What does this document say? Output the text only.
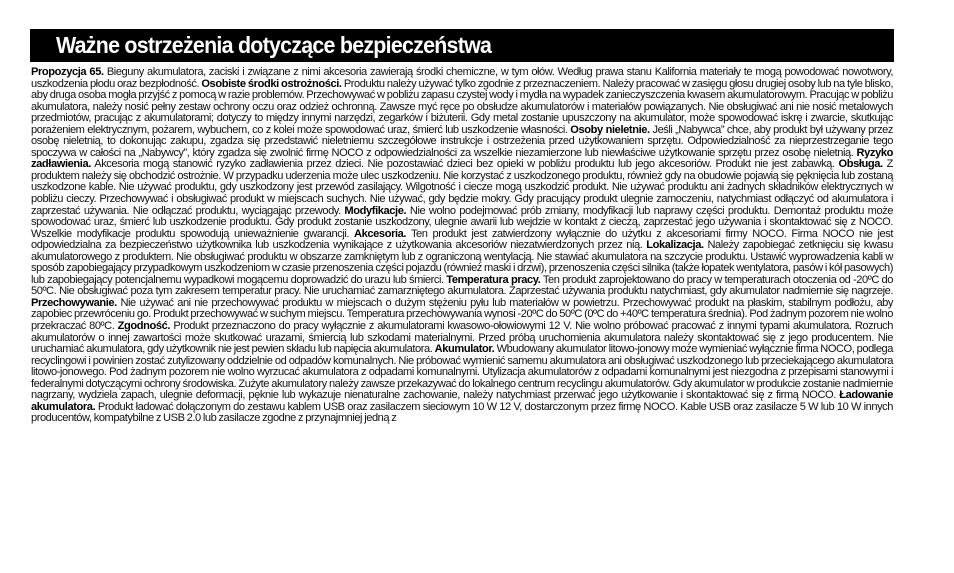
Ważne ostrzeżenia dotyczące bezpieczeństwa

Propozycja 65. Bieguny akumulatora, zaciski i związane z nimi akcesoria zawierają środki chemiczne, w tym ołów. Według prawa stanu Kalifornia materiały te mogą powodować nowotwory, uszkodzenia płodu oraz bezpłodność. Osobiste środki ostrożności. Produktu należy używać tylko zgodnie z przeznaczeniem. Należy pracować w zasięgu głosu drugiej osoby lub na tyle blisko, aby druga osoba mogła przyjść z pomocą w razie problemów. Przechowywać w pobliżu zapasu czystej wody i mydła na wypadek zanieczyszczenia kwasem akumulatorowym. Pracując w pobliżu akumulatora, należy nosić pełny zestaw ochrony oczu oraz odzież ochronną. Zawsze myć ręce po obsłudze akumulatorów i materiałów powiązanych. Nie obsługiwać ani nie nosić metalowych przedmiotów, pracując z akumulatorami; dotyczy to między innymi narzędzi, zegarków i biżuterii. Gdy metal zostanie upuszczony na akumulator, może spowodować iskrę i zwarcie, skutkując porażeniem elektrycznym, pożarem, wybuchem, co z kolei może spowodować uraz, śmierć lub uszkodzenie własności. Osoby nieletnie. Jeśli „Nabywca” chce, aby produkt był używany przez osobę nieletnią, to dokonując zakupu, zgadza się przedstawić nieletniemu szczegółowe instrukcje i ostrzeżenia przed użytkowaniem sprzętu. Odpowiedzialność za nieprzestrzeganie tego spoczywa w całości na „Nabywcy”, który zgadza się zwolnić firmę NOCO z odpowiedzialności za wszelkie niezamierzone lub niewłaściwe użytkowanie sprzętu przez osobę nieletnią. Ryzyko zadławienia. Akcesoria mogą stanowić ryzyko zadławienia przez dzieci. Nie pozostawiać dzieci bez opieki w pobliżu produktu lub jego akcesoriów. Produkt nie jest zabawką. Obsługa. Z produktem należy się obchodzić ostrożnie. W przypadku uderzenia może ulec uszkodzeniu. Nie korzystać z uszkodzonego produktu, również gdy na obudowie pojawią się pęknięcia lub zostaną uszkodzone kable. Nie używać produktu, gdy uszkodzony jest przewód zasilający. Wilgotność i ciecze mogą uszkodzić produkt. Nie używać produktu ani żadnych składników elektrycznych w pobliżu cieczy. Przechowywać i obsługiwać produkt w miejscach suchych. Nie używać, gdy będzie mokry. Gdy pracujący produkt ulegnie zamoczeniu, natychmiast odłączyć od akumulatora i zaprzestać używania. Nie odłączać produktu, wyciągając przewody. Modyfikacje. Nie wolno podejmować prób zmiany, modyfikacji lub naprawy części produktu. Demontaż produktu może spowodować uraz, śmierć lub uszkodzenie produktu. Gdy produkt zostanie uszkodzony, ulegnie awarii lub wejdzie w kontakt z cieczą, zaprzestać jego używania i skontaktować się z NOCO. Wszelkie modyfikacje produktu spowodują unieważnienie gwarancji. Akcesoria. Ten produkt jest zatwierdzony wyłącznie do użytku z akcesoriami firmy NOCO. Firma NOCO nie jest odpowiedzialna za bezpieczeństwo użytkownika lub uszkodzenia wynikające z użytkowania akcesoriów niezatwierdzonych przez nią. Lokalizacja. Należy zapobiegać zetknięciu się kwasu akumulatorowego z produktem. Nie obsługiwać produktu w obszarze zamkniętym lub z ograniczoną wentylacją. Nie stawiać akumulatora na szczycie produktu. Ustawić wyprowadzenia kabli w sposób zapobiegający przypadkowym uszkodzeniom w czasie przenoszenia części pojazdu (również maski i drzwi), przenoszenia części silnika (także łopatek wentylatora, pasów i kół pasowych) lub zapobiegający potencjalnemu wypadkowi mogącemu doprowadzić do urazu lub śmierci. Temperatura pracy. Ten produkt zaprojektowano do pracy w temperaturach otoczenia od -20ºC do 50ºC. Nie obsługiwać poza tym zakresem temperatur pracy. Nie uruchamiać zamarzniętego akumulatora. Zaprzestać używania produktu natychmiast, gdy akumulator nadmiernie się nagrzeje. Przechowywanie. Nie używać ani nie przechowywać produktu w miejscach o dużym stężeniu pyłu lub materiałów w powietrzu. Przechowywać produkt na płaskim, stabilnym podłożu, aby zapobiec przewróceniu go. Produkt przechowywać w suchym miejscu. Temperatura przechowywania wynosi -20ºC do 50ºC (0ºC do +40ºC temperatura średnia). Pod żadnym pozorem nie wolno przekraczać 80ºC. Zgodność. Produkt przeznaczono do pracy wyłącznie z akumulatorami kwasowo-ołowiowymi 12 V. Nie wolno próbować pracować z innymi typami akumulatora. Rozruch akumulatorów o innej zawartości może skutkować urazami, śmiercią lub szkodami materialnymi. Przed próbą uruchomienia akumulatora należy skontaktować się z jego producentem. Nie uruchamiać akumulatora, gdy użytkownik nie jest pewien składu lub napięcia akumulatora. Akumulator. Wbudowany akumulator litowo-jonowy może wymieniać wyłącznie firma NOCO, podlega recyclingowi i powinien zostać zutylizowany oddzielnie od odpadów komunalnych. Nie próbować wymienić samemu akumulatora ani obsługiwać uszkodzonego lub przeciekającego akumulatora litowo-jonowego. Pod żadnym pozorem nie wolno wyrzucać akumulatora z odpadami komunalnymi. Utylizacja akumulatorów z odpadami komunalnymi jest niezgodna z przepisami stanowymi i federalnymi dotyczącymi ochrony środowiska. Zużyte akumulatory należy zawsze przekazywać do lokalnego centrum recyclingu akumulatorów. Gdy akumulator w produkcie zostanie nadmiernie nagrzany, wydziela zapach, ulegnie deformacji, pęknie lub wykazuje nienaturalne zachowanie, należy natychmiast przerwać jego użytkowanie i skontaktować się z firmą NOCO. Ładowanie akumulatora. Produkt ładować dołączonym do zestawu kablem USB oraz zasilaczem sieciowym 10 W 12 V, dostarczonym przez firmę NOCO. Kable USB oraz zasilacze 5 W lub 10 W innych producentów, kompatybilne z USB 2.0 lub zasilacze zgodne z przynajmniej jedną z
